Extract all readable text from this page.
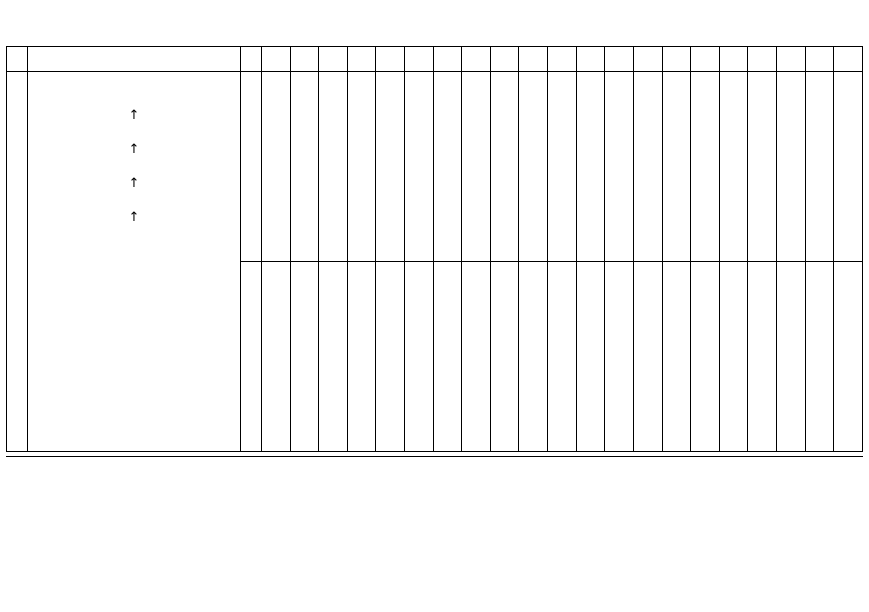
	↑
↑
↑
↑																						
